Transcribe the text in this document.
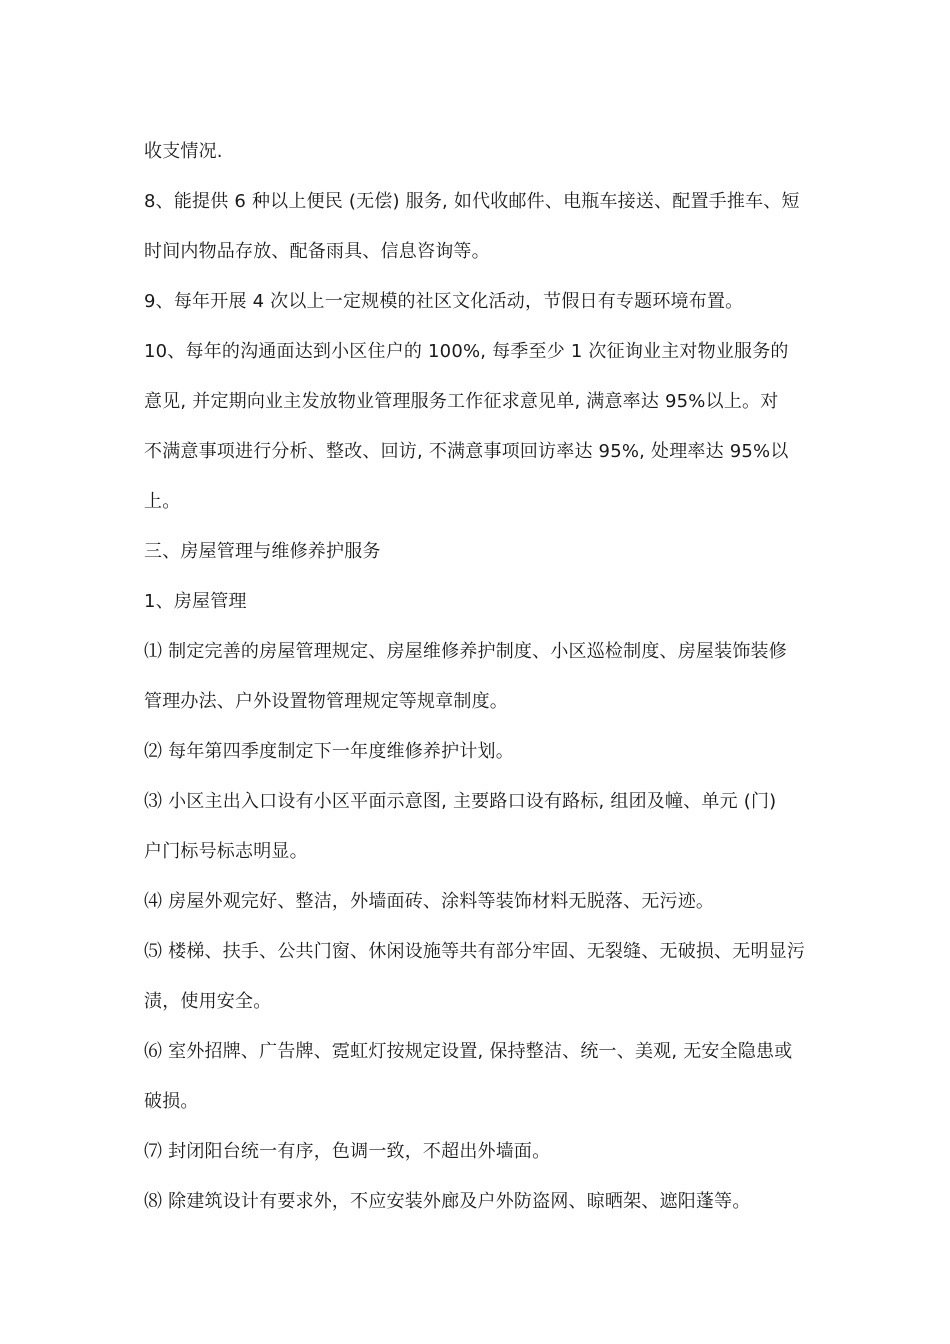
收支情况.
8、能提供 6 种以上便民 (无偿) 服务, 如代收邮件、电瓶车接送、配置手推车、短
时间内物品存放、配备雨具、信息咨询等。
9、每年开展 4 次以上一定规模的社区文化活动，节假日有专题环境布置。
10、每年的沟通面达到小区住户的 100%, 每季至少 1 次征询业主对物业服务的
意见, 并定期向业主发放物业管理服务工作征求意见单, 满意率达 95%以上。对
不满意事项进行分析、整改、回访, 不满意事项回访率达 95%, 处理率达 95%以
上。
三、房屋管理与维修养护服务
1、房屋管理
⑴ 制定完善的房屋管理规定、房屋维修养护制度、小区巡检制度、房屋装饰装修
管理办法、户外设置物管理规定等规章制度。
⑵ 每年第四季度制定下一年度维修养护计划。
⑶ 小区主出入口设有小区平面示意图, 主要路口设有路标, 组团及幢、单元 (门)
户门标号标志明显。
⑷ 房屋外观完好、整洁，外墙面砖、涂料等装饰材料无脱落、无污迹。
⑸ 楼梯、扶手、公共门窗、休闲设施等共有部分牢固、无裂缝、无破损、无明显污
渍，使用安全。
⑹ 室外招牌、广告牌、霓虹灯按规定设置, 保持整洁、统一、美观, 无安全隐患或
破损。
⑺ 封闭阳台统一有序，色调一致，不超出外墙面。
⑻ 除建筑设计有要求外，不应安装外廊及户外防盗网、晾晒架、遮阳蓬等。
